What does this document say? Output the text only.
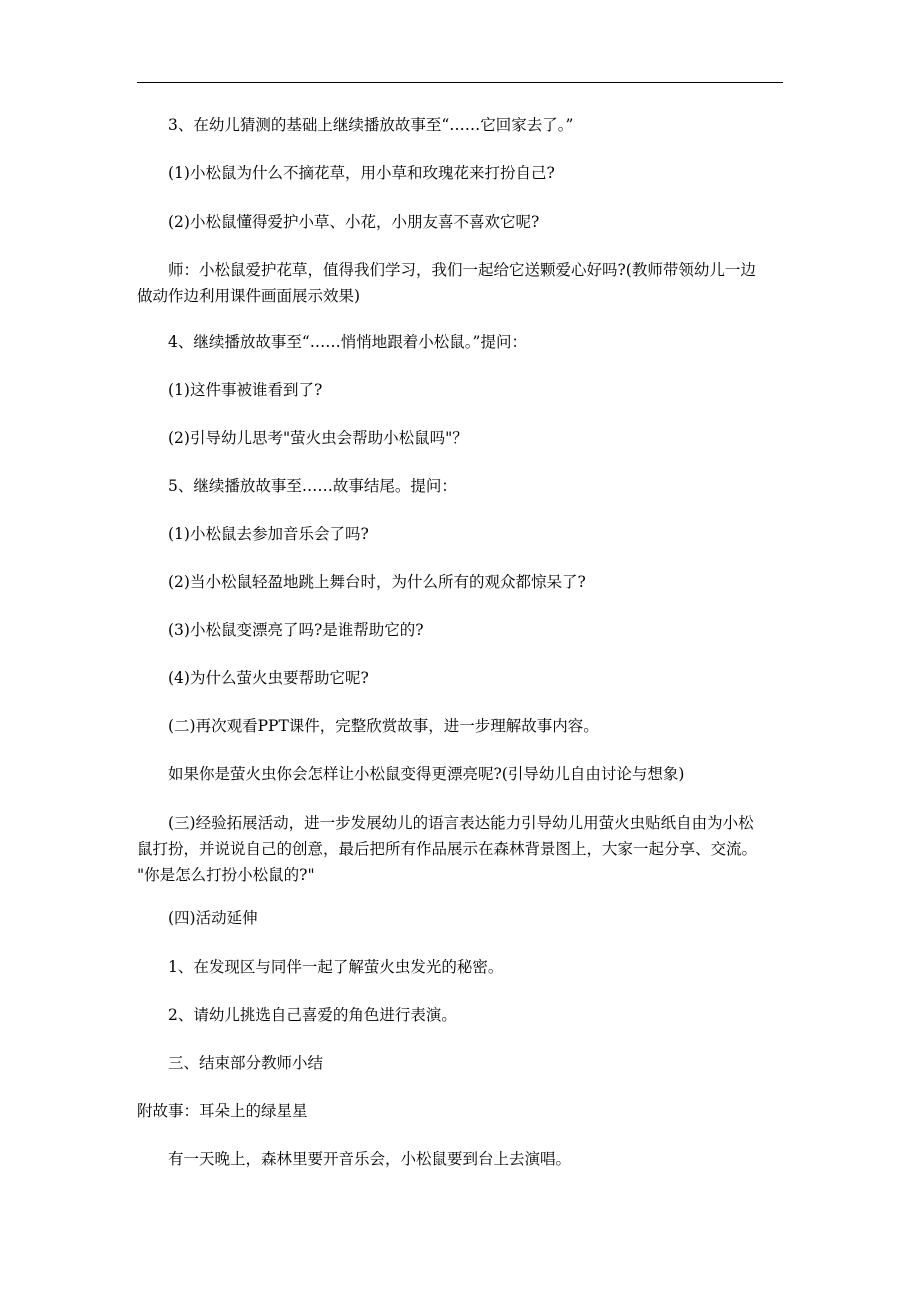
3、在幼儿猜测的基础上继续播放故事至“……它回家去了。”

(1)小松鼠为什么不摘花草，用小草和玫瑰花来打扮自己?

(2)小松鼠懂得爱护小草、小花，小朋友喜不喜欢它呢?

师：小松鼠爱护花草，值得我们学习，我们一起给它送颗爱心好吗?(教师带领幼儿一边
做动作边利用课件画面展示效果)

4、继续播放故事至“……悄悄地跟着小松鼠。”提问：

(1)这件事被谁看到了?

(2)引导幼儿思考"萤火虫会帮助小松鼠吗"？

5、继续播放故事至……故事结尾。提问：

(1)小松鼠去参加音乐会了吗?

(2)当小松鼠轻盈地跳上舞台时，为什么所有的观众都惊呆了?

(3)小松鼠变漂亮了吗?是谁帮助它的?

(4)为什么萤火虫要帮助它呢?

(二)再次观看PPT课件，完整欣赏故事，进一步理解故事内容。

如果你是萤火虫你会怎样让小松鼠变得更漂亮呢?(引导幼儿自由讨论与想象)

(三)经验拓展活动，进一步发展幼儿的语言表达能力引导幼儿用萤火虫贴纸自由为小松
鼠打扮，并说说自己的创意，最后把所有作品展示在森林背景图上，大家一起分享、交流。
"你是怎么打扮小松鼠的?"

(四)活动延伸

1、在发现区与同伴一起了解萤火虫发光的秘密。

2、请幼儿挑选自己喜爱的角色进行表演。

三、结束部分教师小结

附故事：耳朵上的绿星星

有一天晚上，森林里要开音乐会，小松鼠要到台上去演唱。
